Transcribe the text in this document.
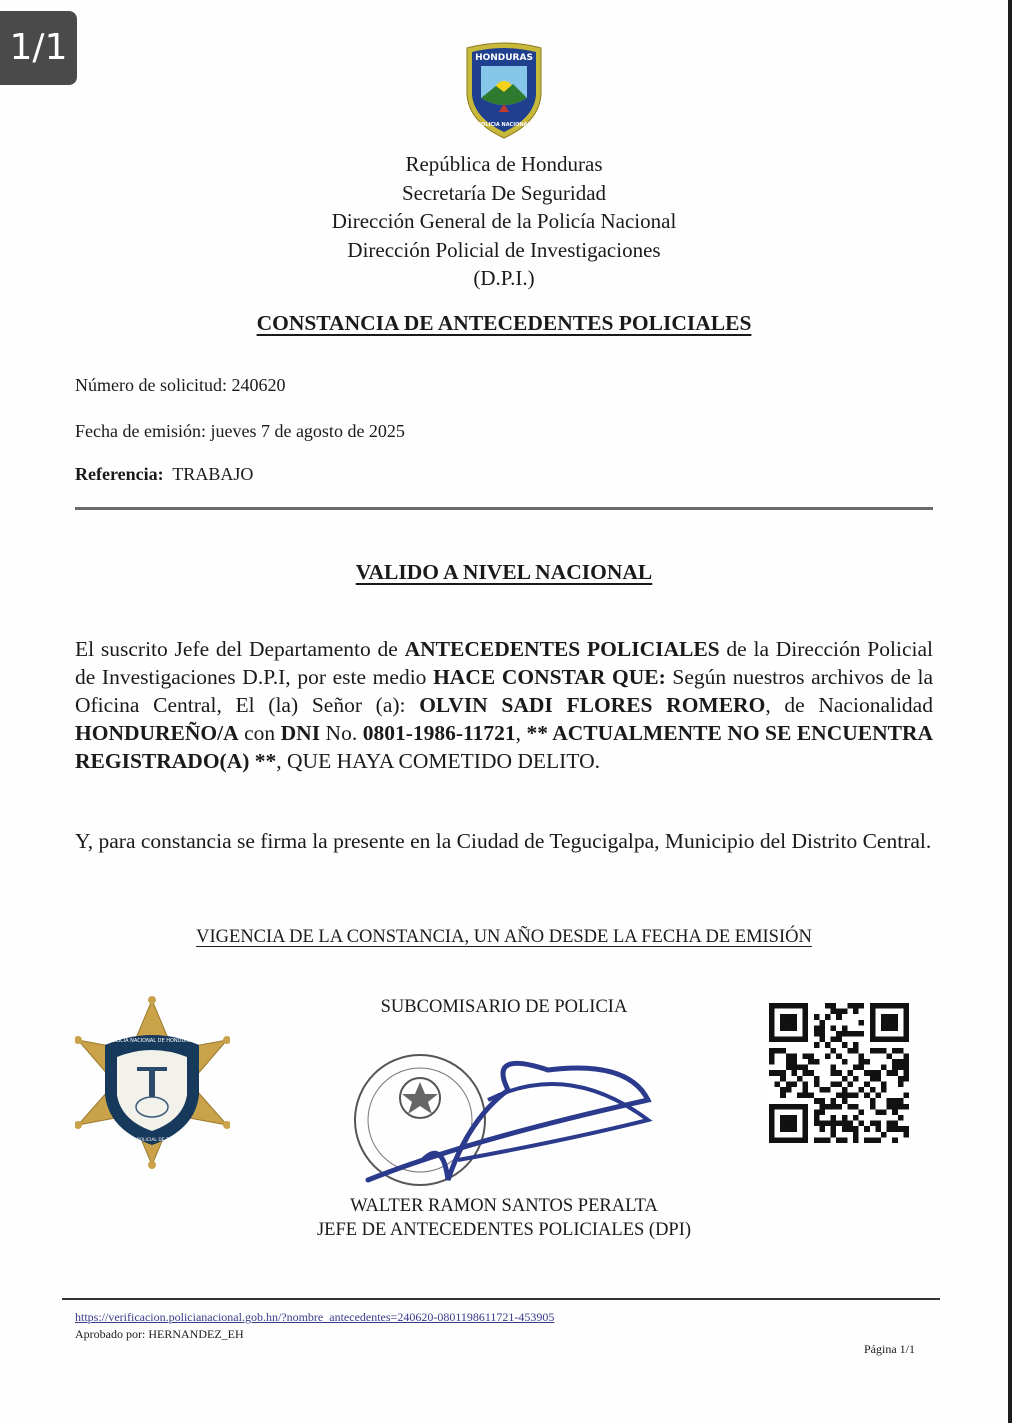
1/1	HONDURAS
POLICIA NACIONAL
República de Honduras
Secretaría De Seguridad
Dirección General de la Policía Nacional
Dirección Policial de Investigaciones
(D.P.I.)
CONSTANCIA DE ANTECEDENTES POLICIALES
Número de solicitud: 240620
Fecha de emisión: jueves 7 de agosto de 2025
Referencia: TRABAJO
VALIDO A NIVEL NACIONAL
El suscrito Jefe del Departamento de ANTECEDENTES POLICIALES de la Dirección Policial de Investigaciones D.P.I, por este medio HACE CONSTAR QUE: Según nuestros archivos de la Oficina Central, El (la) Señor (a): OLVIN SADI FLORES ROMERO, de Nacionalidad HONDUREÑO/A con DNI No. 0801-1986-11721, ** ACTUALMENTE NO SE ENCUENTRA REGISTRADO(A) **, QUE HAYA COMETIDO DELITO.
Y, para constancia se firma la presente en la Ciudad de Tegucigalpa, Municipio del Distrito Central.
VIGENCIA DE LA CONSTANCIA, UN AÑO DESDE LA FECHA DE EMISIÓN
POLICIA NACIONAL DE HONDURAS
DIRECCION POLICIAL DE TELEMATICA
SUBCOMISARIO DE POLICIA
WALTER RAMON SANTOS PERALTA
JEFE DE ANTECEDENTES POLICIALES (DPI)
https://verificacion.policianacional.gob.hn/?nombre_antecedentes=240620-0801198611721-453905
Aprobado por: HERNANDEZ_EH
Página 1/1
